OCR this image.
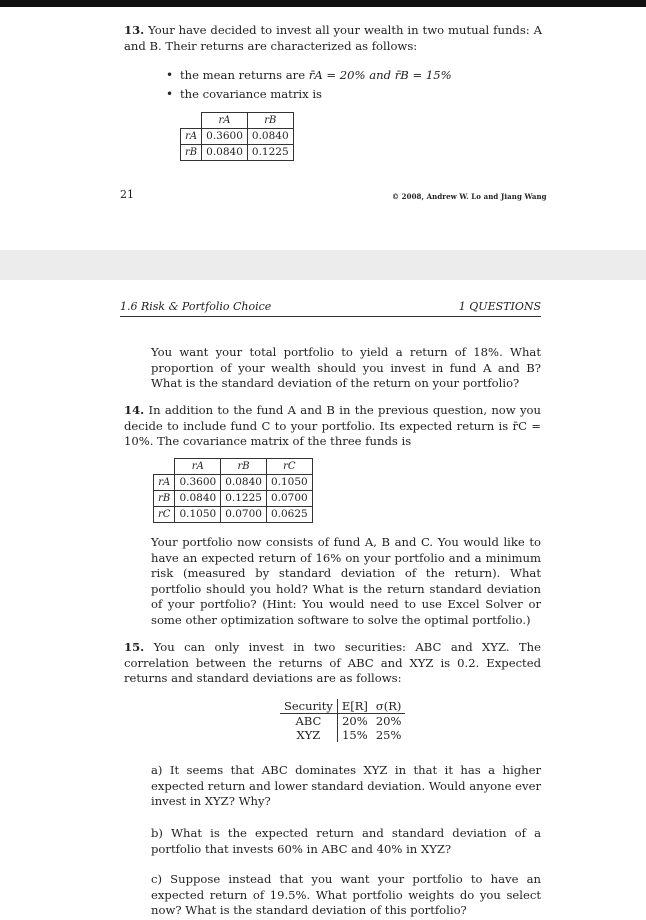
13. Your have decided to invest all your wealth in two mutual funds: A and B. Their returns are characterized as follows:
• the mean returns are r̄A = 20% and r̄B = 15%
• the covariance matrix is
	rA	rB
rA	0.3600	0.0840
rB	0.0840	0.1225
21	© 2008, Andrew W. Lo and Jiang Wang
1.6 Risk & Portfolio Choice	1 QUESTIONS
You want your total portfolio to yield a return of 18%. What proportion of your wealth should you invest in fund A and B? What is the standard deviation of the return on your portfolio?
14. In addition to the fund A and B in the previous question, now you decide to include fund C to your portfolio. Its expected return is r̄C = 10%. The covariance matrix of the three funds is
	rA	rB	rC
rA	0.3600	0.0840	0.1050
rB	0.0840	0.1225	0.0700
rC	0.1050	0.0700	0.0625
Your portfolio now consists of fund A, B and C. You would like to have an expected return of 16% on your portfolio and a minimum risk (measured by standard deviation of the return). What portfolio should you hold? What is the return standard deviation of your portfolio? (Hint: You would need to use Excel Solver or some other optimization software to solve the optimal portfolio.)
15. You can only invest in two securities: ABC and XYZ. The correlation between the returns of ABC and XYZ is 0.2. Expected returns and standard deviations are as follows:
Security	E[R]	σ(R)
ABC	20%	20%
XYZ	15%	25%
a) It seems that ABC dominates XYZ in that it has a higher expected return and lower standard deviation. Would anyone ever invest in XYZ? Why?
b) What is the expected return and standard deviation of a portfolio that invests 60% in ABC and 40% in XYZ?
c) Suppose instead that you want your portfolio to have an expected return of 19.5%. What portfolio weights do you select now? What is the standard deviation of this portfolio?
